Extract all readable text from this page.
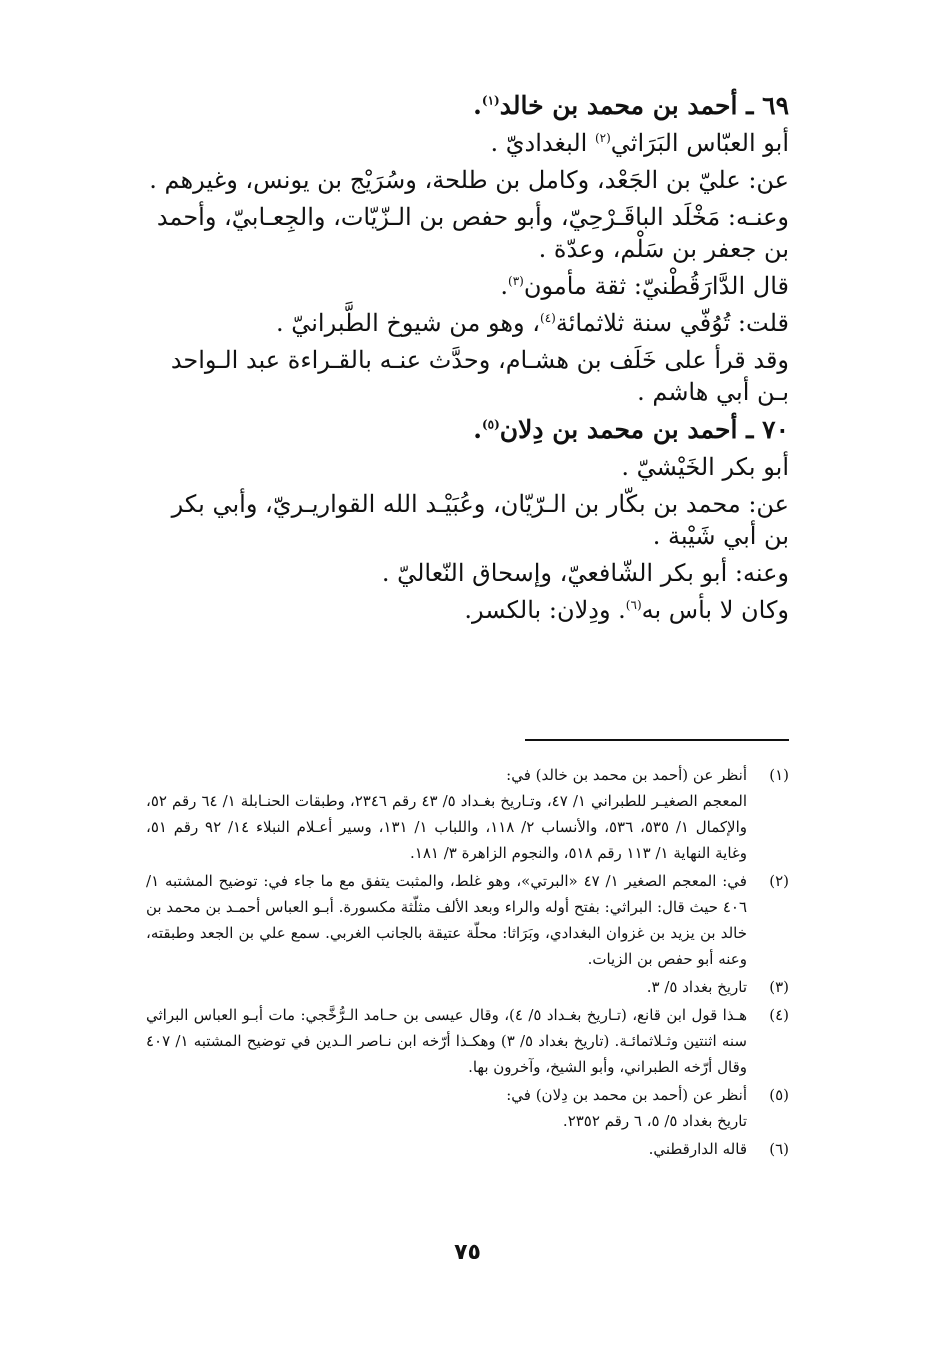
٦٩ ـ أحمد بن محمد بن خالد$^{(١)}$.
أبو العبّاس البَرَاثي$^{(٢)}$ البغداديّ .
عن: عليّ بن الجَعْد، وكامل بن طلحة، وسُرَيْج بن يونس، وغيرهم .
وعنـه: مَخْلَد الباقَـرْحِيّ، وأبو حفص بن الـزّيّات، والجِعـابيّ، وأحمد بن جعفر بن سَلْم، وعدّة .
قال الدَّارَقُطْنيّ: ثقة مأمون$^{(٣)}$.
قلت: تُوُفّي سنة ثلاثمائة$^{(٤)}$، وهو من شيوخ الطَّبرانيّ .
وقد قرأ على خَلَف بن هشـام، وحدَّث عنـه بالقـراءة عبد الـواحد بـن أبي هاشم .
٧٠ ـ أحمد بن محمد بن دِلان$^{(٥)}$.
أبو بكر الخَيْشيّ .
عن: محمد بن بكّار بن الـرّيّان، وعُبَيْـد الله القواريـريّ، وأبي بكر بن أبي شَيْبة .
وعنه: أبو بكر الشّافعيّ، وإسحاق النّعاليّ .
وكان لا بأس به$^{(٦)}$. ودِلان: بالكسر.
(١)
أنظر عن (أحمد بن محمد بن خالد) في:
المعجم الصغيـر للطبراني ١/ ٤٧، وتـاريخ بغـداد ٥/ ٤٣ رقم ٢٣٤٦، وطبقات الحنـابلة ١/ ٦٤ رقم ٥٢، والإكمال ١/ ٥٣٥، ٥٣٦، والأنساب ٢/ ١١٨، واللباب ١/ ١٣١، وسير أعـلام النبلاء ١٤/ ٩٢ رقم ٥١، وغاية النهاية ١/ ١١٣ رقم ٥١٨، والنجوم الزاهرة ٣/ ١٨١.
(٢)
في: المعجم الصغير ١/ ٤٧ «البرتي»، وهو غلط، والمثبت يتفق مع ما جاء في: توضيح المشتبه ١/ ٤٠٦ حيث قال: البراثي: بفتح أوله والراء وبعد الألف مثلّثة مكسورة. أبـو العباس أحمـد بن محمد بن خالد بن يزيد بن غزوان البغدادي، وبَرَاثا: محلّة عتيقة بالجانب الغربي. سمع علي بن الجعد وطبقته، وعنه أبو حفص بن الزيات.
(٣)
تاريخ بغداد ٥/ ٣.
(٤)
هـذا قول ابن قانع، (تـاريخ بغـداد ٥/ ٤)، وقال عيسى بن حـامد الـرُّخَّجي: مات أبـو العباس البراثي سنه اثنتين وثـلاثمائـة. (تاريخ بغداد ٥/ ٣) وهكـذا أرّخه ابن نـاصر الـدين في توضيح المشتبه ١/ ٤٠٧ وقال أرّخه الطبراني، وأبو الشيخ، وآخرون بها.
(٥)
أنظر عن (أحمد بن محمد بن دِلان) في:
تاريخ بغداد ٥/ ٥، ٦ رقم ٢٣٥٢.
(٦)
قاله الدارقطني.
٧٥
